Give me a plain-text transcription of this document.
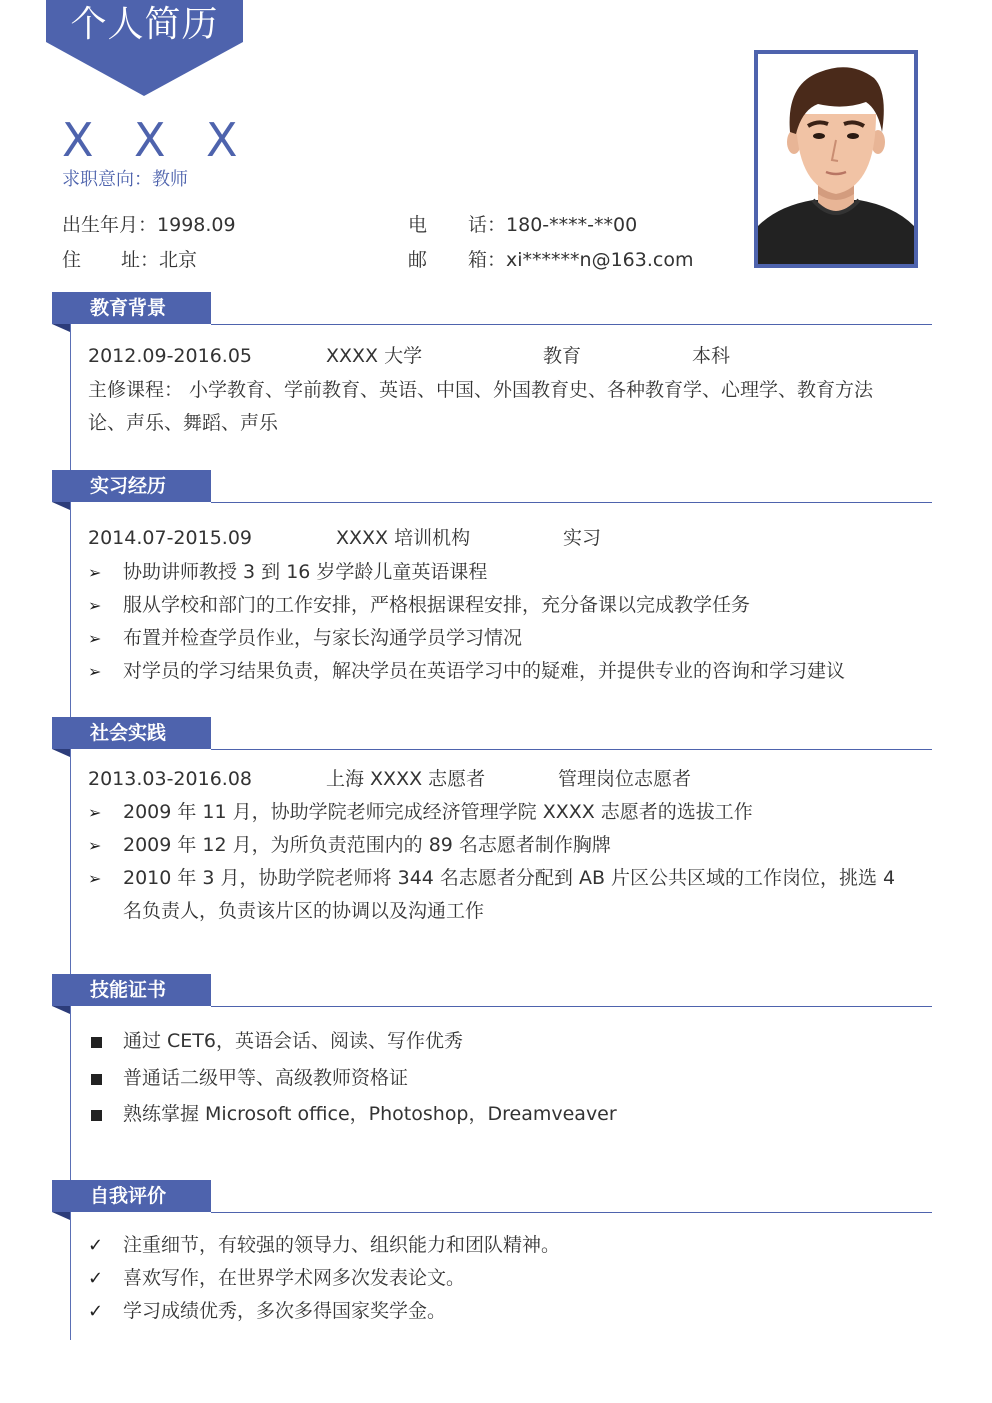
个人简历
X X X
求职意向：教师
出生年月：1998.09
住 址：北京
电 话：180-****-**00
邮 箱：xi******n@163.com
教育背景
2012.09-2016.05	XXXX 大学	教育	本科
主修课程： 小学教育、学前教育、英语、中国、外国教育史、各种教育学、心理学、教育方法
论、声乐、舞蹈、声乐
实习经历
2014.07-2015.09	XXXX 培训机构	实习
➢	协助讲师教授 3 到 16 岁学龄儿童英语课程
➢	服从学校和部门的工作安排，严格根据课程安排，充分备课以完成教学任务
➢	布置并检查学员作业，与家长沟通学员学习情况
➢	对学员的学习结果负责，解决学员在英语学习中的疑难，并提供专业的咨询和学习建议
社会实践
2013.03-2016.08	上海 XXXX 志愿者	管理岗位志愿者
➢	2009 年 11 月，协助学院老师完成经济管理学院 XXXX 志愿者的选拔工作
➢	2009 年 12 月，为所负责范围内的 89 名志愿者制作胸牌
➢	2010 年 3 月，协助学院老师将 344 名志愿者分配到 AB 片区公共区域的工作岗位，挑选 4
名负责人，负责该片区的协调以及沟通工作
技能证书
通过 CET6，英语会话、阅读、写作优秀
普通话二级甲等、高级教师资格证
熟练掌握 Microsoft office，Photoshop，Dreamveaver
自我评价
✓ 注重细节，有较强的领导力、组织能力和团队精神。
✓ 喜欢写作，在世界学术网多次发表论文。
✓ 学习成绩优秀，多次多得国家奖学金。
